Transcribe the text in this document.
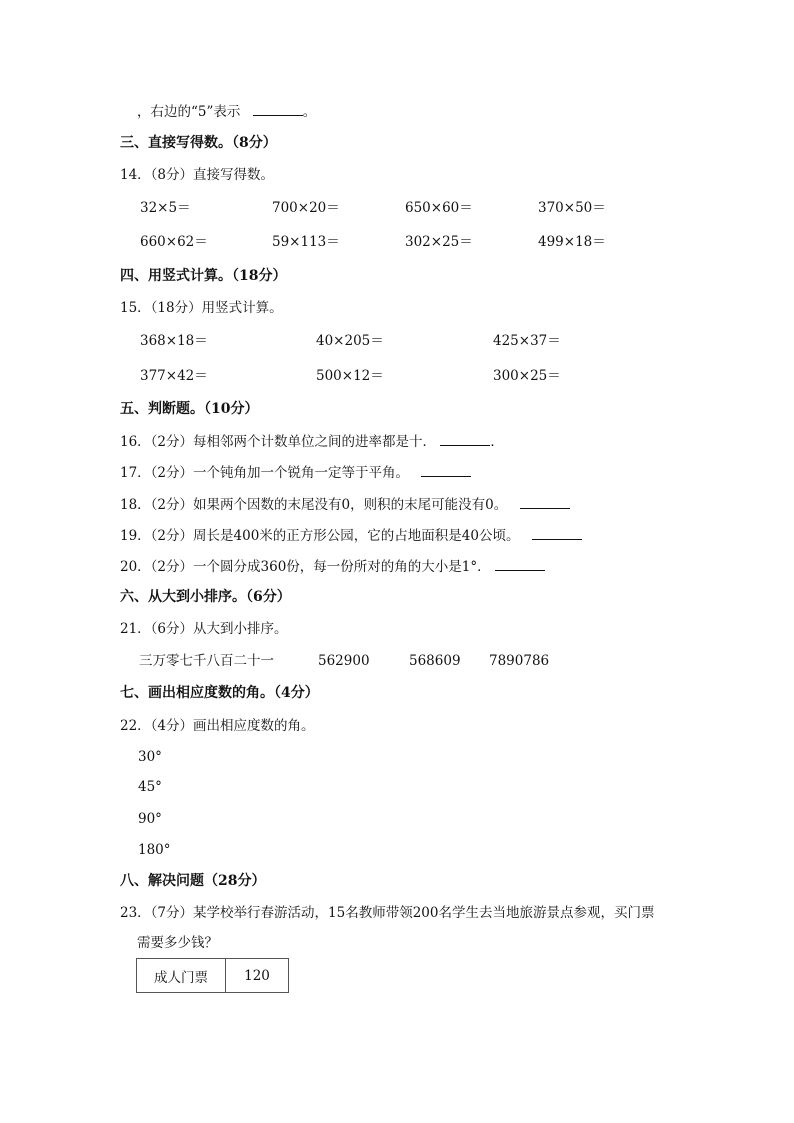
，右边的“5”表示	。
三、直接写得数。（8分）
14．（8分）直接写得数。
32×5＝	700×20＝	650×60＝	370×50＝
660×62＝	59×113＝	302×25＝	499×18＝
四、用竖式计算。（18分）
15．（18分）用竖式计算。
368×18＝	40×205＝	425×37＝
377×42＝	500×12＝	300×25＝
五、判断题。（10分）
16．（2分）每相邻两个计数单位之间的进率都是十．	．
17．（2分）一个钝角加一个锐角一定等于平角。
18．（2分）如果两个因数的末尾没有0，则积的末尾可能没有0。
19．（2分）周长是400米的正方形公园，它的占地面积是40公顷。
20．（2分）一个圆分成360份，每一份所对的角的大小是1°．
六、从大到小排序。（6分）
21．（6分）从大到小排序。
三万零七千八百二十一	562900	568609 7890786
七、画出相应度数的角。（4分）
22．（4分）画出相应度数的角。
30°
45°
90°
180°
八、解决问题（28分）
23．（7分）某学校举行春游活动，15名教师带领200名学生去当地旅游景点参观，买门票
需要多少钱？
成人门票	120
